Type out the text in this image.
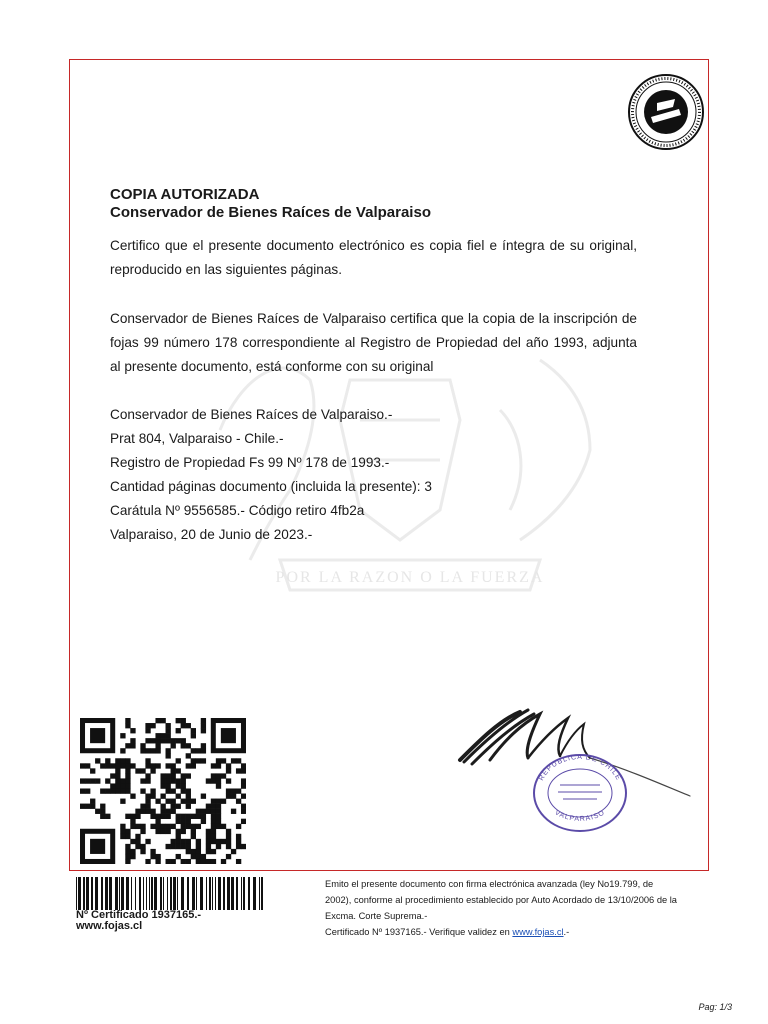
POR LA RAZON O LA FUERZA
COPIA AUTORIZADA
Conservador de Bienes Raíces de Valparaiso
Certifico que el presente documento electrónico es copia fiel e íntegra de su original, reproducido en las siguientes páginas.
Conservador de Bienes Raíces de Valparaiso certifica que la copia de la inscripción de fojas 99 número 178 correspondiente al Registro de Propiedad del año 1993, adjunta al presente documento, está conforme con su original
Conservador de Bienes Raíces de Valparaiso.-
Prat 804, Valparaiso - Chile.-
Registro de Propiedad Fs 99 Nº 178 de 1993.-
Cantidad páginas documento (incluida la presente): 3
Carátula Nº 9556585.- Código retiro 4fb2a
Valparaiso, 20 de Junio de 2023.-
REPUBLICA DE CHILE
VALPARAISO
Nº Certificado 1937165.-
www.fojas.cl
Emito el presente documento con firma electrónica avanzada (ley No19.799, de
2002), conforme al procedimiento establecido por Auto Acordado de 13/10/2006 de la
Excma. Corte Suprema.-
Certificado Nº 1937165.- Verifique validez en www.fojas.cl.-
Pag: 1/3
